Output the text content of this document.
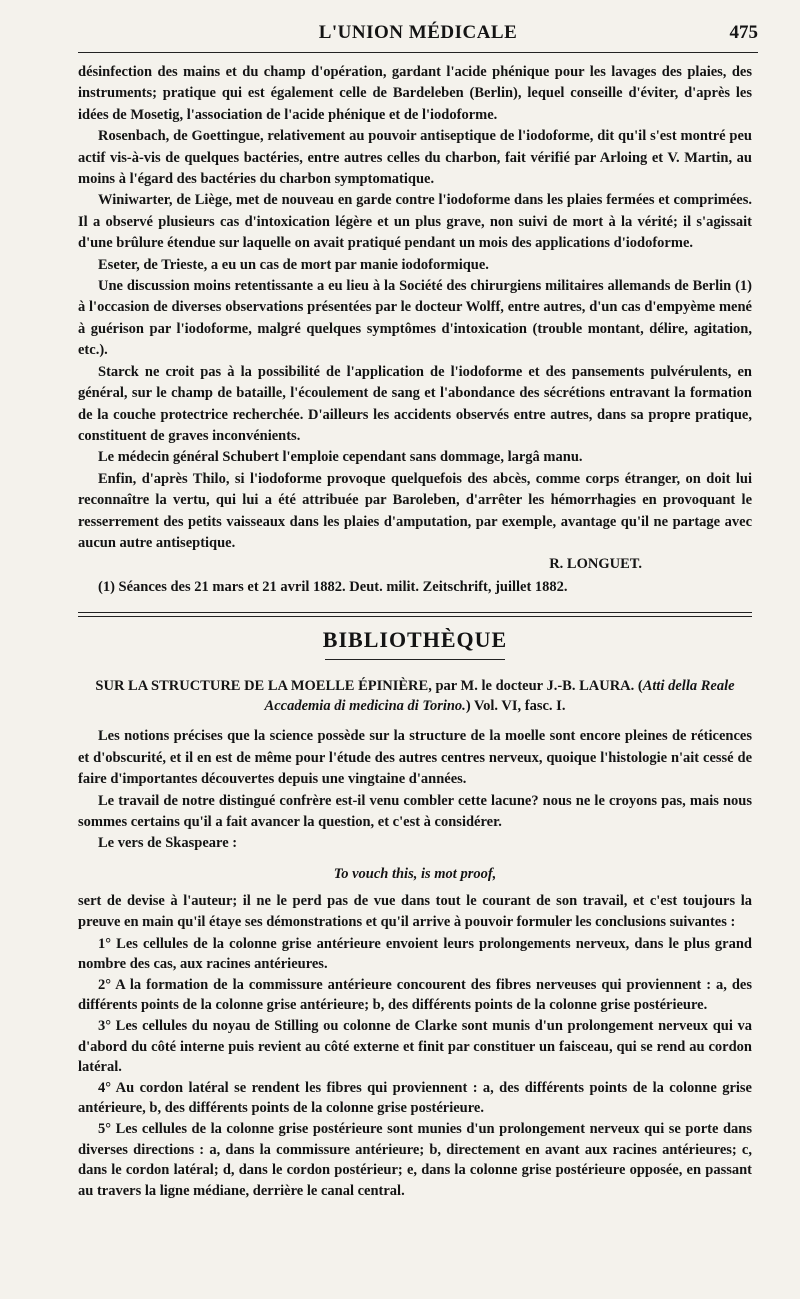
L'UNION MÉDICALE	475

désinfection des mains et du champ d'opération, gardant l'acide phénique pour les lavages des plaies, des instruments; pratique qui est également celle de Bardeleben (Berlin), lequel conseille d'éviter, d'après les idées de Mosetig, l'association de l'acide phénique et de l'iodoforme.

Rosenbach, de Goettingue, relativement au pouvoir antiseptique de l'iodoforme, dit qu'il s'est montré peu actif vis-à-vis de quelques bactéries, entre autres celles du charbon, fait vérifié par Arloing et V. Martin, au moins à l'égard des bactéries du charbon symptomatique.

Winiwarter, de Liège, met de nouveau en garde contre l'iodoforme dans les plaies fermées et comprimées. Il a observé plusieurs cas d'intoxication légère et un plus grave, non suivi de mort à la vérité; il s'agissait d'une brûlure étendue sur laquelle on avait pratiqué pendant un mois des applications d'iodoforme.

Eseter, de Trieste, a eu un cas de mort par manie iodoformique.

Une discussion moins retentissante a eu lieu à la Société des chirurgiens militaires allemands de Berlin (1) à l'occasion de diverses observations présentées par le docteur Wolff, entre autres, d'un cas d'empyème mené à guérison par l'iodoforme, malgré quelques symptômes d'intoxication (trouble montant, délire, agitation, etc.).

Starck ne croit pas à la possibilité de l'application de l'iodoforme et des pansements pulvérulents, en général, sur le champ de bataille, l'écoulement de sang et l'abondance des sécrétions entravant la formation de la couche protectrice recherchée. D'ailleurs les accidents observés entre autres, dans sa propre pratique, constituent de graves inconvénients.

Le médecin général Schubert l'emploie cependant sans dommage, largâ manu.

Enfin, d'après Thilo, si l'iodoforme provoque quelquefois des abcès, comme corps étranger, on doit lui reconnaître la vertu, qui lui a été attribuée par Baroleben, d'arrêter les hémorrhagies en provoquant le resserrement des petits vaisseaux dans les plaies d'amputation, par exemple, avantage qu'il ne partage avec aucun autre antiseptique.

R. LONGUET.
(1) Séances des 21 mars et 21 avril 1882. Deut. milit. Zeitschrift, juillet 1882.
BIBLIOTHÈQUE
SUR LA STRUCTURE DE LA MOELLE ÉPINIÈRE, par M. le docteur J.-B. LAURA. (Atti della Reale Accademia di medicina di Torino.) Vol. VI, fasc. I.

Les notions précises que la science possède sur la structure de la moelle sont encore pleines de réticences et d'obscurité, et il en est de même pour l'étude des autres centres nerveux, quoique l'histologie n'ait cessé de faire d'importantes découvertes depuis une vingtaine d'années.

Le travail de notre distingué confrère est-il venu combler cette lacune? nous ne le croyons pas, mais nous sommes certains qu'il a fait avancer la question, et c'est à considérer.

Le vers de Skaspeare :

To vouch this, is mot proof,

sert de devise à l'auteur; il ne le perd pas de vue dans tout le courant de son travail, et c'est toujours la preuve en main qu'il étaye ses démonstrations et qu'il arrive à pouvoir formuler les conclusions suivantes :

1° Les cellules de la colonne grise antérieure envoient leurs prolongements nerveux, dans le plus grand nombre des cas, aux racines antérieures.

2° A la formation de la commissure antérieure concourent des fibres nerveuses qui proviennent : a, des différents points de la colonne grise antérieure; b, des différents points de la colonne grise postérieure.

3° Les cellules du noyau de Stilling ou colonne de Clarke sont munis d'un prolongement nerveux qui va d'abord du côté interne puis revient au côté externe et finit par constituer un faisceau, qui se rend au cordon latéral.

4° Au cordon latéral se rendent les fibres qui proviennent : a, des différents points de la colonne grise antérieure, b, des différents points de la colonne grise postérieure.

5° Les cellules de la colonne grise postérieure sont munies d'un prolongement nerveux qui se porte dans diverses directions : a, dans la commissure antérieure; b, directement en avant aux racines antérieures; c, dans le cordon latéral; d, dans le cordon postérieur; e, dans la colonne grise postérieure opposée, en passant au travers la ligne médiane, derrière le canal central.
